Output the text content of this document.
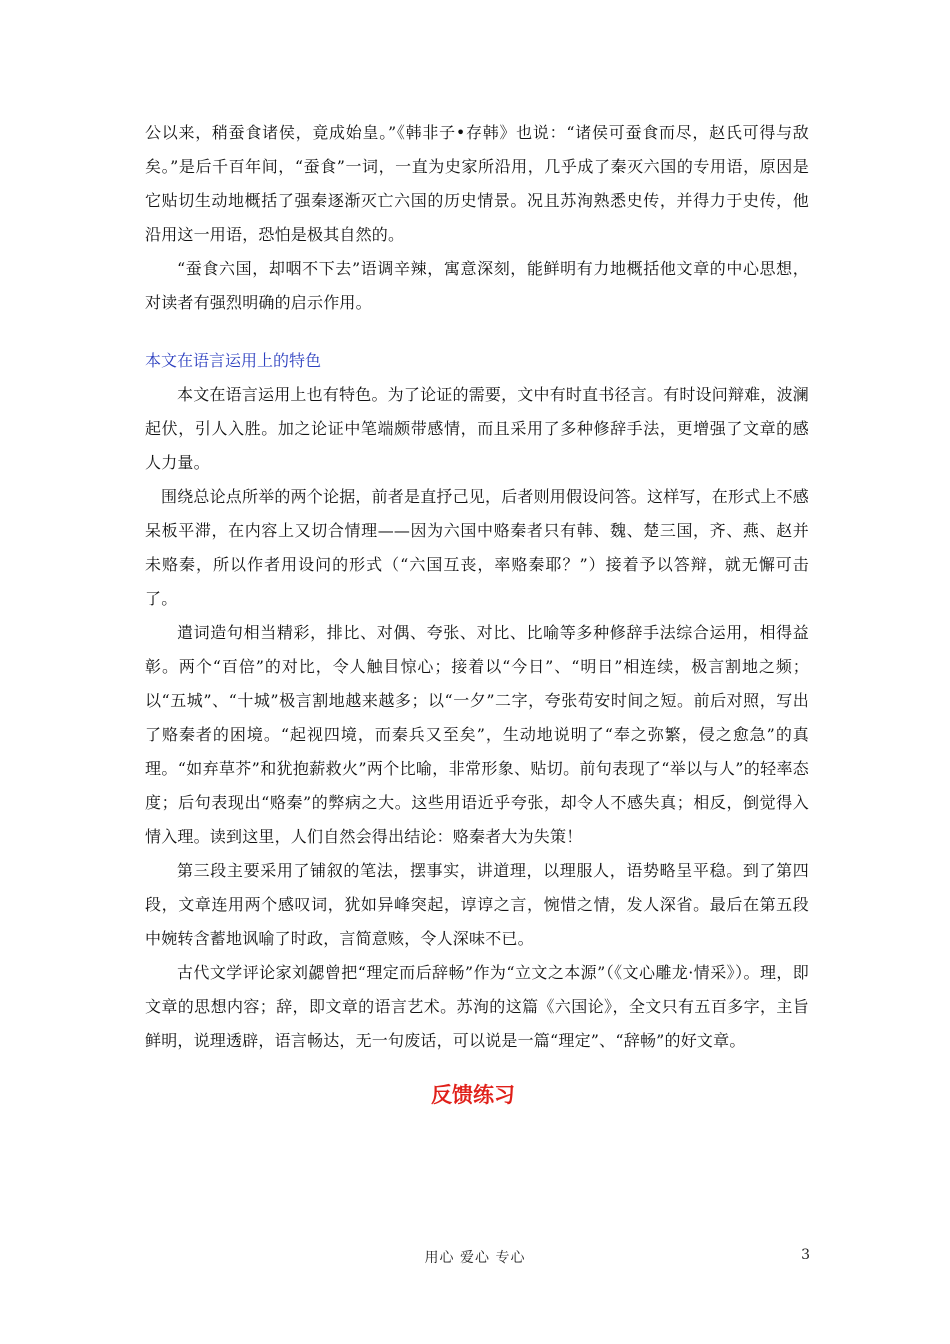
公以来，稍蚕食诸侯，竟成始皇。”《韩非子•存韩》也说：“诸侯可蚕食而尽，赵氏可得与敌矣。”是后千百年间，“蚕食”一词，一直为史家所沿用，几乎成了秦灭六国的专用语，原因是它贴切生动地概括了强秦逐渐灭亡六国的历史情景。况且苏洵熟悉史传，并得力于史传，他沿用这一用语，恐怕是极其自然的。

“蚕食六国，却咽不下去”语调辛辣，寓意深刻，能鲜明有力地概括他文章的中心思想，对读者有强烈明确的启示作用。

本文在语言运用上的特色

本文在语言运用上也有特色。为了论证的需要，文中有时直书径言。有时设问辩难，波澜起伏，引人入胜。加之论证中笔端颇带感情，而且采用了多种修辞手法，更增强了文章的感人力量。

围绕总论点所举的两个论据，前者是直抒己见，后者则用假设问答。这样写，在形式上不感呆板平滞，在内容上又切合情理——因为六国中赂秦者只有韩、魏、楚三国，齐、燕、赵并未赂秦，所以作者用设问的形式（“六国互丧，率赂秦耶？”）接着予以答辩，就无懈可击了。

遣词造句相当精彩，排比、对偶、夸张、对比、比喻等多种修辞手法综合运用，相得益彰。两个“百倍”的对比，令人触目惊心；接着以“今日”、“明日”相连续，极言割地之频；以“五城”、“十城”极言割地越来越多；以“一夕”二字，夸张苟安时间之短。前后对照，写出了赂秦者的困境。“起视四境，而秦兵又至矣”，生动地说明了“奉之弥繁，侵之愈急”的真理。“如弃草芥”和犹抱薪救火”两个比喻，非常形象、贴切。前句表现了“举以与人”的轻率态度；后句表现出“赂秦”的弊病之大。这些用语近乎夸张，却令人不感失真；相反，倒觉得入情入理。读到这里，人们自然会得出结论：赂秦者大为失策！

第三段主要采用了铺叙的笔法，摆事实，讲道理，以理服人，语势略呈平稳。到了第四段，文章连用两个感叹词，犹如异峰突起，谆谆之言，惋惜之情，发人深省。最后在第五段中婉转含蓄地讽喻了时政，言简意赅，令人深味不已。

古代文学评论家刘勰曾把“理定而后辞畅”作为“立文之本源”（《文心雕龙·情采》）。理，即文章的思想内容；辞，即文章的语言艺术。苏洵的这篇《六国论》，全文只有五百多字，主旨鲜明，说理透辟，语言畅达，无一句废话，可以说是一篇“理定”、“辞畅”的好文章。

反馈练习
用心 爱心 专心	3
